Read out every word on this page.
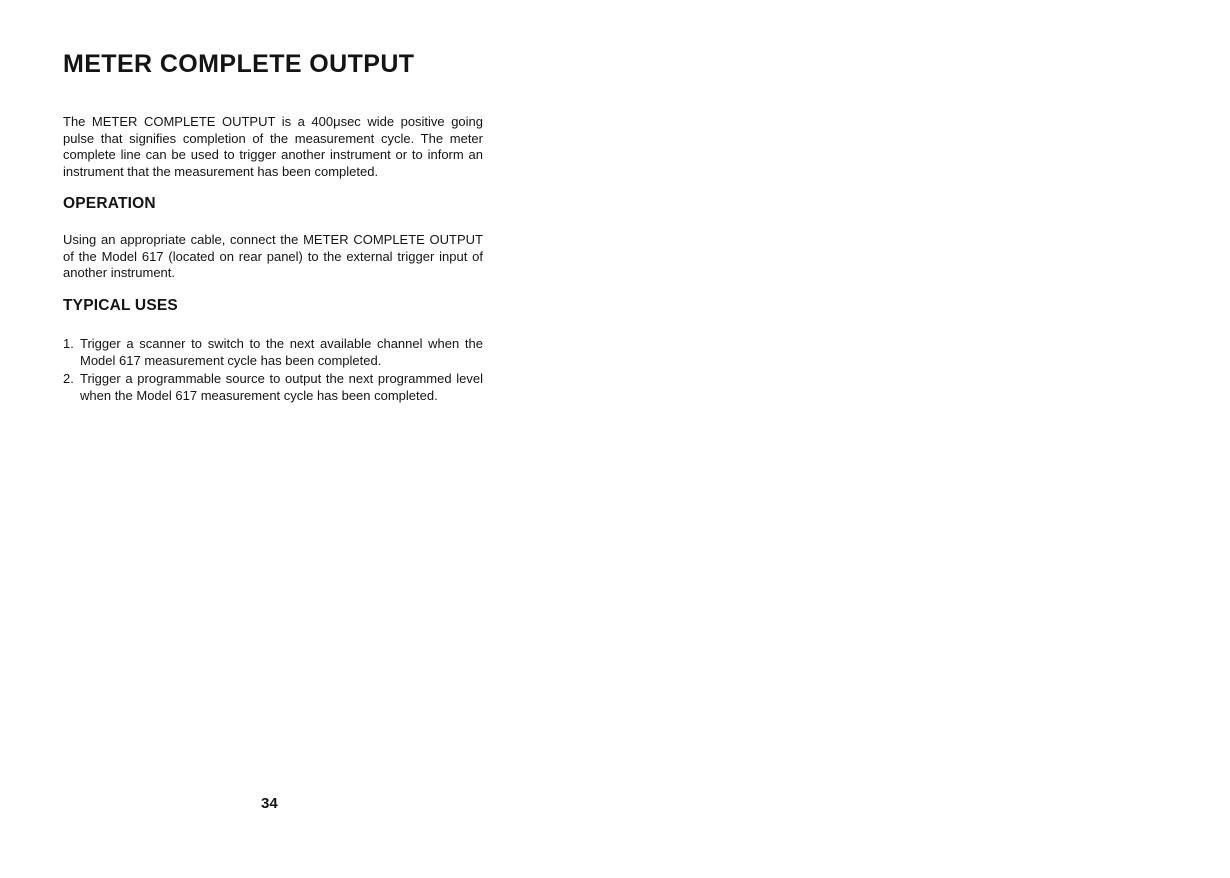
METER COMPLETE OUTPUT

The METER COMPLETE OUTPUT is a 400μsec wide positive going pulse that signifies completion of the measurement cycle. The meter complete line can be used to trigger another instrument or to inform an instrument that the measurement has been completed.

OPERATION

Using an appropriate cable, connect the METER COMPLETE OUTPUT of the Model 617 (located on rear panel) to the external trigger input of another instrument.

TYPICAL USES
1. Trigger a scanner to switch to the next available channel when the Model 617 measurement cycle has been completed.
2. Trigger a programmable source to output the next programmed level when the Model 617 measurement cycle has been completed.
34
